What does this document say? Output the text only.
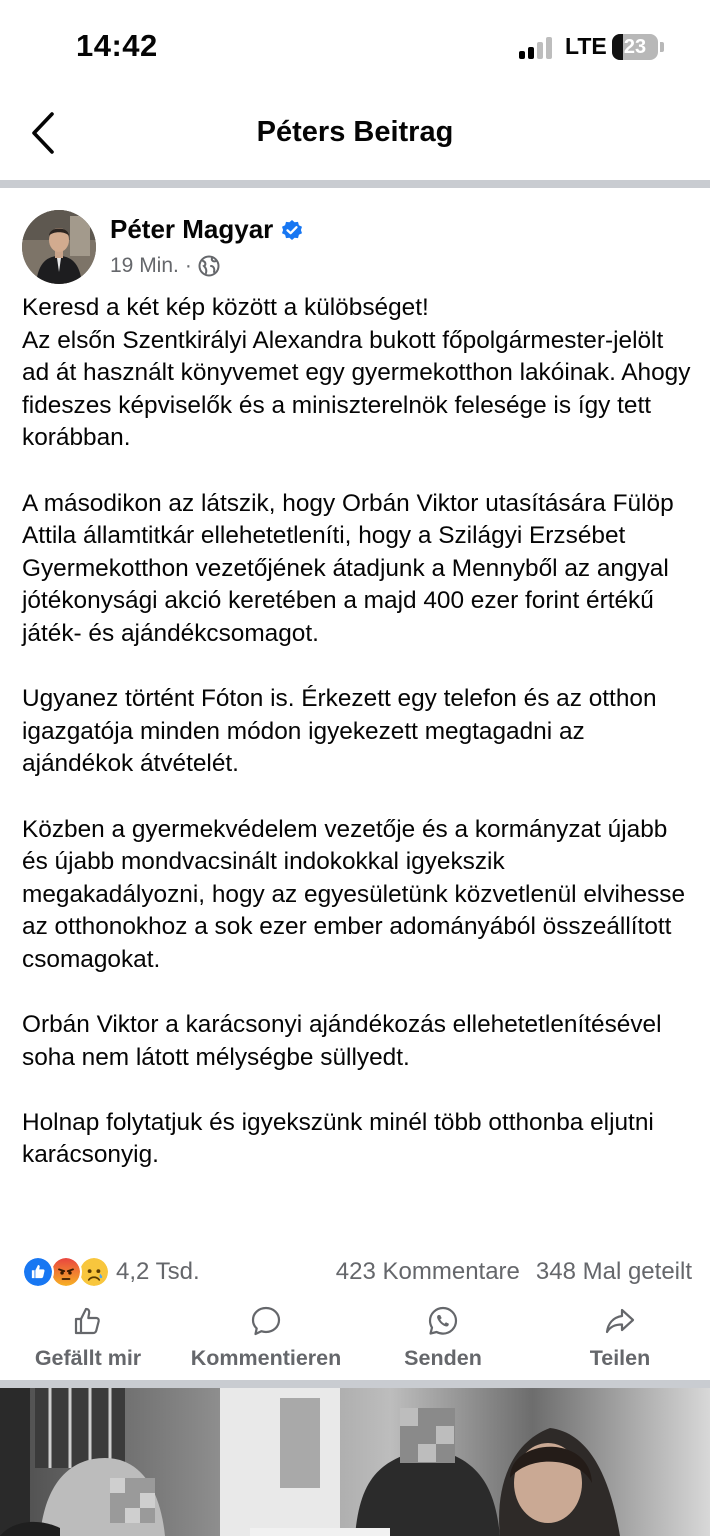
14:42	LTE 23
Péters Beitrag
Péter Magyar
19 Min. ·

Keresd a két kép között a külöbséget!
Az elsőn Szentkirályi Alexandra bukott főpolgármester-jelölt ad át használt könyvemet egy gyermekotthon lakóinak. Ahogy fideszes képviselők és a miniszterelnök felesége is így tett korábban.

A másodikon az látszik, hogy Orbán Viktor utasítására Fülöp Attila államtitkár ellehetetleníti, hogy a Szilágyi Erzsébet Gyermekotthon vezetőjének átadjunk a Mennyből az angyal jótékonysági akció keretében a majd 400 ezer forint értékű játék- és ajándékcsomagot.

Ugyanez történt Fóton is. Érkezett egy telefon és az otthon igazgatója minden módon igyekezett megtagadni az ajándékok átvételét.

Közben a gyermekvédelem vezetője és a kormányzat újabb és újabb mondvacsinált indokokkal igyekszik megakadályozni, hogy az egyesületünk közvetlenül elvihesse az otthonokhoz a sok ezer ember adományából összeállított csomagokat.

Orbán Viktor a karácsonyi ajándékozás ellehetetlenítésével soha nem látott mélységbe süllyedt.

Holnap folytatjuk és igyekszünk minél több otthonba eljutni karácsonyig.

4,2 Tsd.	423 Kommentare 348 Mal geteilt
Gefällt mir	Kommentieren	Senden	Teilen
